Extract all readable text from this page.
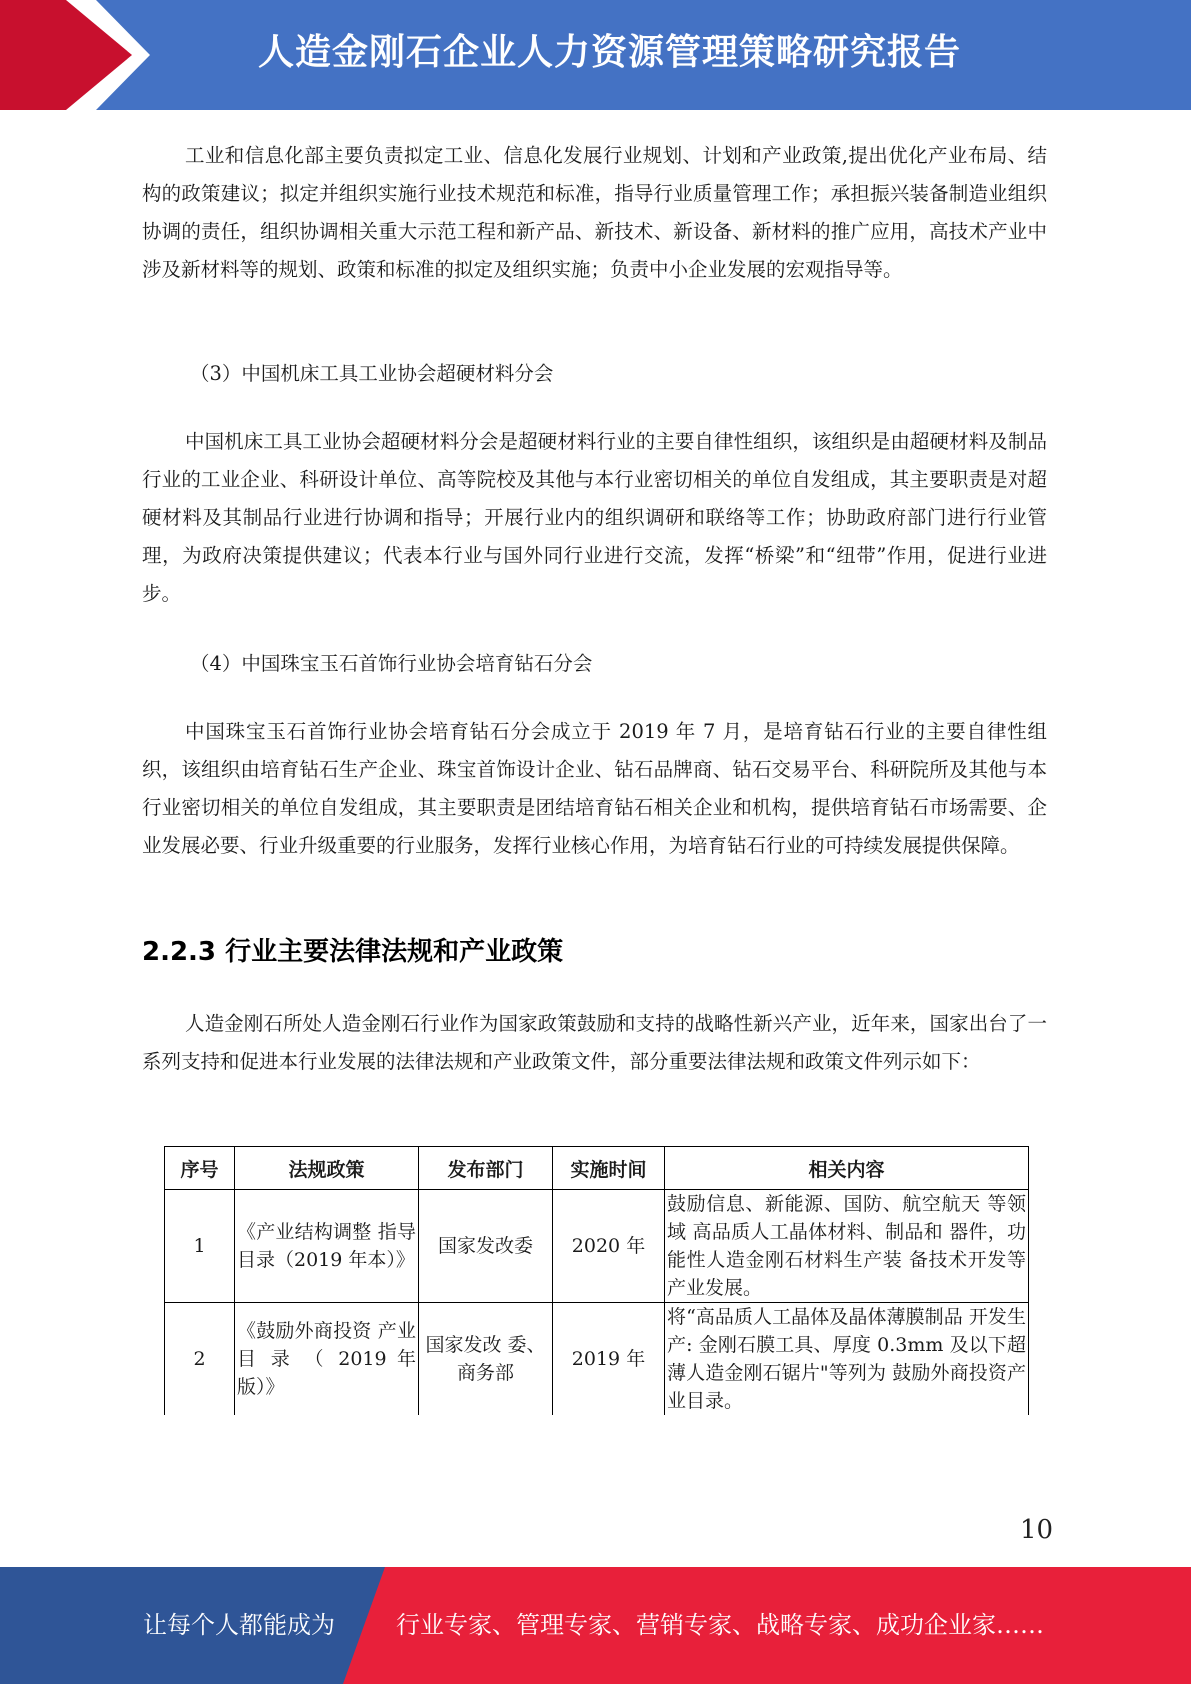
人造金刚石企业人力资源管理策略研究报告

工业和信息化部主要负责拟定工业、信息化发展行业规划、计划和产业政策,提出优化产业布局、结构的政策建议；拟定并组织实施行业技术规范和标准，指导行业质量管理工作；承担振兴装备制造业组织协调的责任，组织协调相关重大示范工程和新产品、新技术、新设备、新材料的推广应用，高技术产业中涉及新材料等的规划、政策和标准的拟定及组织实施；负责中小企业发展的宏观指导等。

（3）中国机床工具工业协会超硬材料分会

中国机床工具工业协会超硬材料分会是超硬材料行业的主要自律性组织，该组织是由超硬材料及制品行业的工业企业、科研设计单位、高等院校及其他与本行业密切相关的单位自发组成，其主要职责是对超硬材料及其制品行业进行协调和指导；开展行业内的组织调研和联络等工作；协助政府部门进行行业管理，为政府决策提供建议；代表本行业与国外同行业进行交流，发挥“桥梁”和“纽带”作用，促进行业进步。

（4）中国珠宝玉石首饰行业协会培育钻石分会

中国珠宝玉石首饰行业协会培育钻石分会成立于 2019 年 7 月，是培育钻石行业的主要自律性组织，该组织由培育钻石生产企业、珠宝首饰设计企业、钻石品牌商、钻石交易平台、科研院所及其他与本行业密切相关的单位自发组成，其主要职责是团结培育钻石相关企业和机构，提供培育钻石市场需要、企业发展必要、行业升级重要的行业服务，发挥行业核心作用，为培育钻石行业的可持续发展提供保障。

2.2.3 行业主要法律法规和产业政策

人造金刚石所处人造金刚石行业作为国家政策鼓励和支持的战略性新兴产业，近年来，国家出台了一系列支持和促进本行业发展的法律法规和产业政策文件，部分重要法律法规和政策文件列示如下：

序号	法规政策	发布部门	实施时间	相关内容
1	《产业结构调整 指导目录（2019 年本）》	国家发改委	2020 年	鼓励信息、新能源、国防、航空航天 等领域 高品质人工晶体材料、制品和 器件，功能性人造金刚石材料生产装 备技术开发等产业发展。
2	《鼓励外商投资 产业 目 录 （ 2019 年版）》	国家发改 委、商务部	2019 年	将“高品质人工晶体及晶体薄膜制品 开发生产: 金刚石膜工具、厚度 0.3mm 及以下超薄人造金刚石锯片"等列为 鼓励外商投资产业目录。
10
让每个人都能成为	行业专家、管理专家、营销专家、战略专家、成功企业家……
